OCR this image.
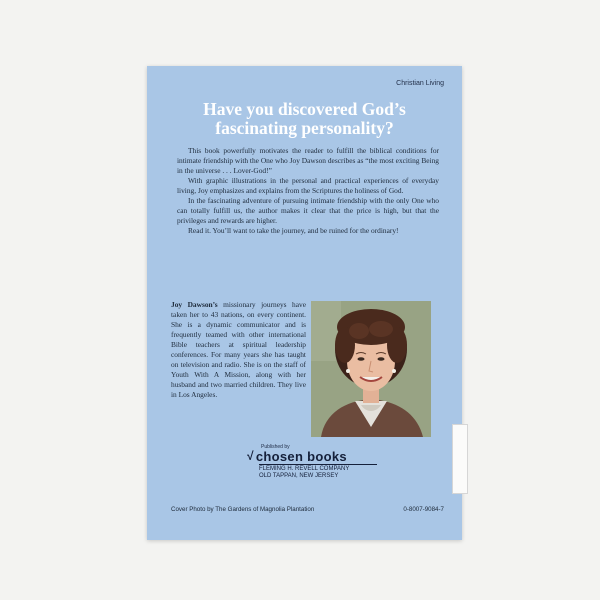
Christian Living
Have you discovered God’s
fascinating personality?

This book powerfully motivates the reader to fulfill the biblical conditions for intimate friendship with the One who Joy Dawson describes as “the most exciting Being in the universe . . . Lover-God!”

With graphic illustrations in the personal and practical experiences of everyday living, Joy emphasizes and explains from the Scriptures the holiness of God.

In the fascinating adventure of pursuing intimate friendship with the only One who can totally fulfill us, the author makes it clear that the price is high, but that the privileges and rewards are higher.

Read it. You’ll want to take the journey, and be ruined for the ordinary!

Joy Dawson’s missionary journeys have taken her to 43 nations, on every continent. She is a dynamic communicator and is frequently teamed with other international Bible teachers at spiritual leadership conferences. For many years she has taught on television and radio. She is on the staff of Youth With A Mission, along with her husband and two married children. They live in Los Angeles.
Published by
√ chosen books
FLEMING H. REVELL COMPANY
OLD TAPPAN, NEW JERSEY
Cover Photo by The Gardens of Magnolia Plantation	0-8007-9084-7
